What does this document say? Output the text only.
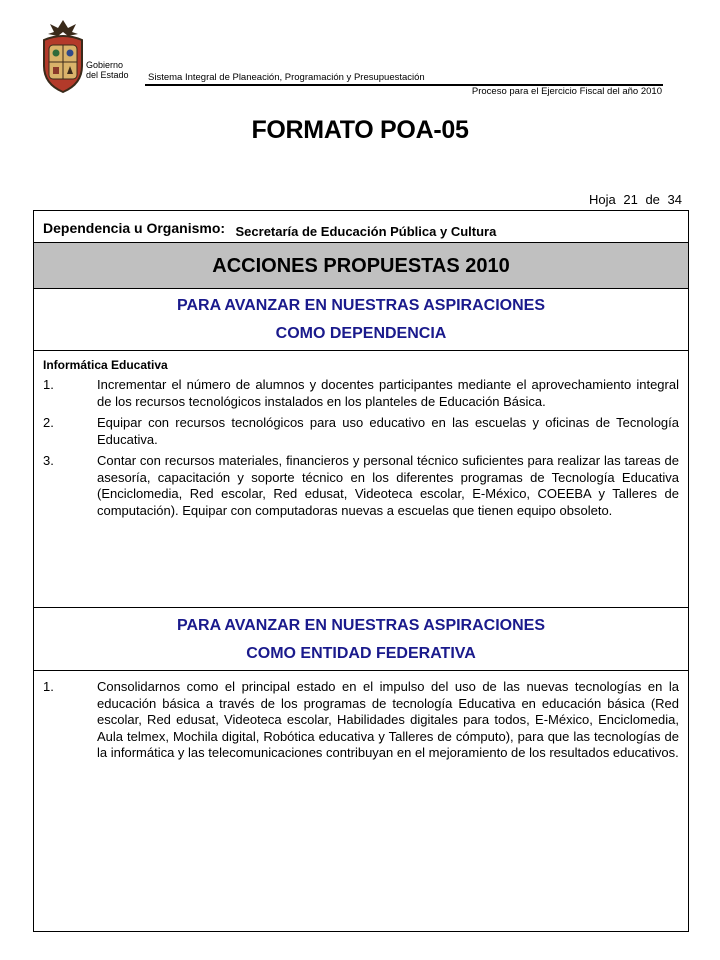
Gobierno
del Estado Sistema Integral de Planeación, Programación y Presupuestación
Proceso para el Ejercicio Fiscal del año 2010
FORMATO POA-05
Hoja 21 de 34
Dependencia u Organismo: Secretaría de Educación Pública y Cultura
ACCIONES PROPUESTAS 2010
PARA AVANZAR EN NUESTRAS ASPIRACIONES
COMO DEPENDENCIA
Informática Educativa
1.	Incrementar el número de alumnos y docentes participantes mediante el aprovechamiento integral de los recursos tecnológicos instalados en los planteles de Educación Básica.
2.	Equipar con recursos tecnológicos para uso educativo en las escuelas y oficinas de Tecnología Educativa.
3.	Contar con recursos materiales, financieros y personal técnico suficientes para realizar las tareas de asesoría, capacitación y soporte técnico en los diferentes programas de Tecnología Educativa (Enciclomedia, Red escolar, Red edusat, Videoteca escolar, E-México, COEEBA y Talleres de computación). Equipar con computadoras nuevas a escuelas que tienen equipo obsoleto.
PARA AVANZAR EN NUESTRAS ASPIRACIONES
COMO ENTIDAD FEDERATIVA
1.	Consolidarnos como el principal estado en el impulso del uso de las nuevas tecnologías en la educación básica a través de los programas de tecnología Educativa en educación básica (Red escolar, Red edusat, Videoteca escolar, Habilidades digitales para todos, E-México, Enciclomedia, Aula telmex, Mochila digital, Robótica educativa y Talleres de cómputo), para que las tecnologías de la informática y las telecomunicaciones contribuyan en el mejoramiento de los resultados educativos.
